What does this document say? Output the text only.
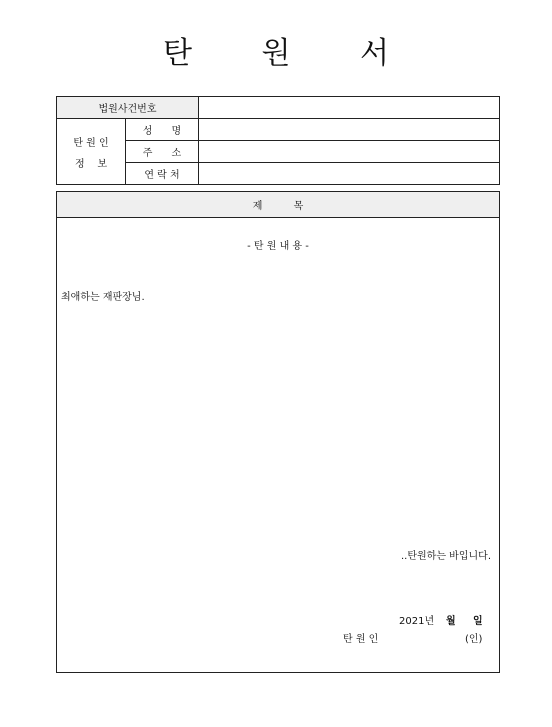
탄 원 서
법원사건번호
탄 원 인
정    보
성      명
주      소
연 락 처
제 목
- 탄 원 내 용 -
최애하는 재판장님.
..탄원하는 바입니다.
2021년 월 일
탄 원 인	(인)
